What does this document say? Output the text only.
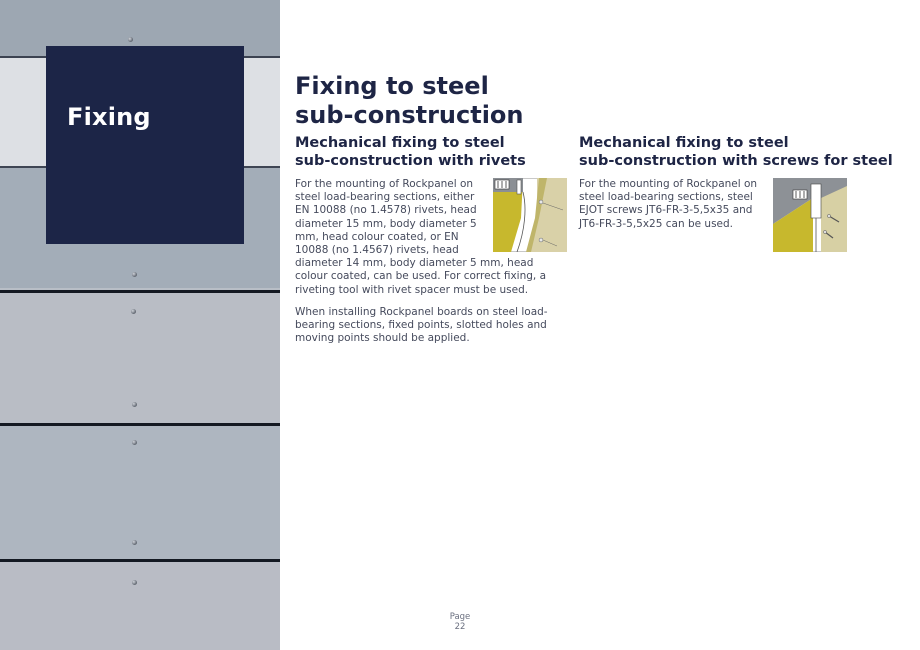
Fixing
Fixing to steel
sub-construction
Mechanical fixing to steel
sub-construction with rivets

For the mounting of Rockpanel on steel load-bearing sections, either EN 10088 (no 1.4578) rivets, head diameter 15 mm, body diameter 5 mm, head colour coated, or EN 10088 (no 1.4567) rivets, head diameter 14 mm, body diameter 5 mm, head colour coated, can be used. For correct fixing, a riveting tool with rivet spacer must be used.

When installing Rockpanel boards on steel load-bearing sections, fixed points, slotted holes and moving points should be applied.

Mechanical fixing to steel
sub-construction with screws for steel

For the mounting of Rockpanel on steel load-bearing sections, steel EJOT screws JT6-FR-3-5,5x35 and JT6-FR-3-5,5x25 can be used.

Page
22
